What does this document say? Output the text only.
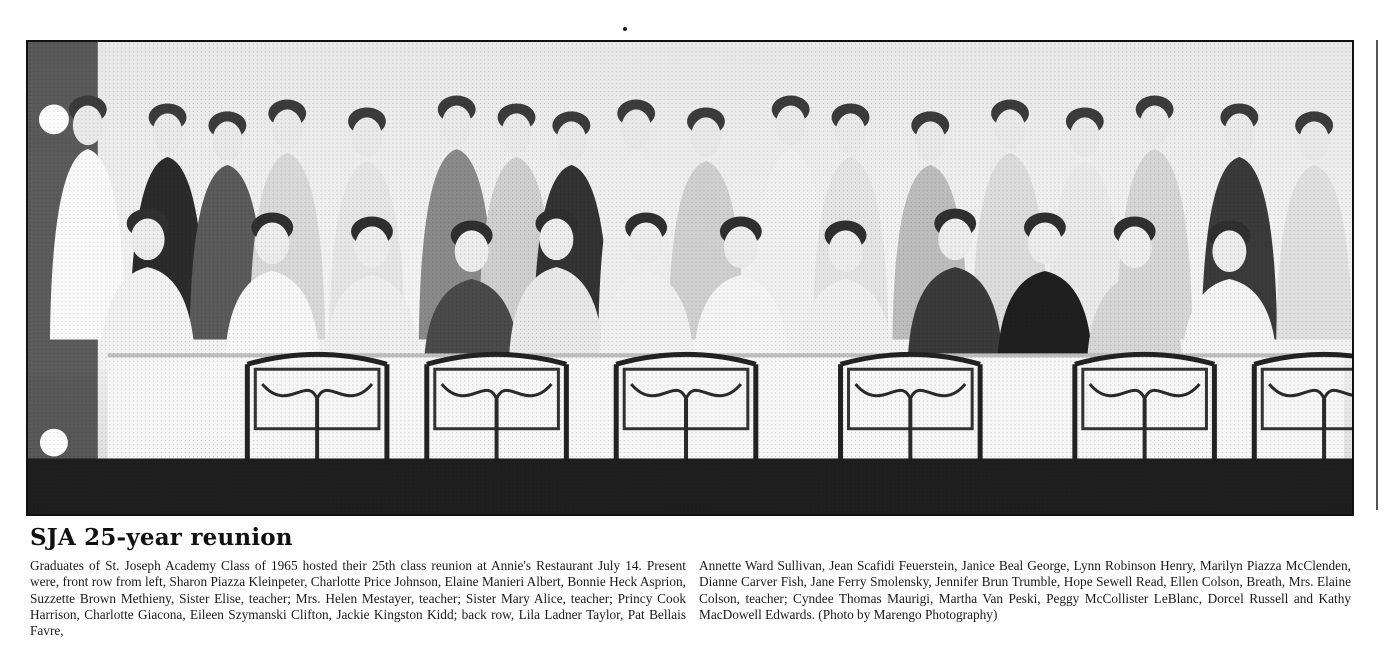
SJA 25-year reunion

Graduates of St. Joseph Academy Class of 1965 hosted their 25th class reunion at Annie's Restaurant July 14. Present were, front row from left, Sharon Piazza Kleinpeter, Charlotte Price Johnson, Elaine Manieri Albert, Bonnie Heck Asprion, Suzzette Brown Methieny, Sister Elise, teacher; Mrs. Helen Mestayer, teacher; Sister Mary Alice, teacher; Princy Cook Harrison, Charlotte Giacona, Eileen Szymanski Clifton, Jackie Kingston Kidd; back row, Lila Ladner Taylor, Pat Bellais Favre,

Annette Ward Sullivan, Jean Scafidi Feuerstein, Janice Beal George, Lynn Robinson Henry, Marilyn Piazza McClenden, Dianne Carver Fish, Jane Ferry Smolensky, Jennifer Brun Trumble, Hope Sewell Read, Ellen Colson, Breath, Mrs. Elaine Colson, teacher; Cyndee Thomas Maurigi, Martha Van Peski, Peggy McCollister LeBlanc, Dorcel Russell and Kathy MacDowell Edwards. (Photo by Marengo Photography)
